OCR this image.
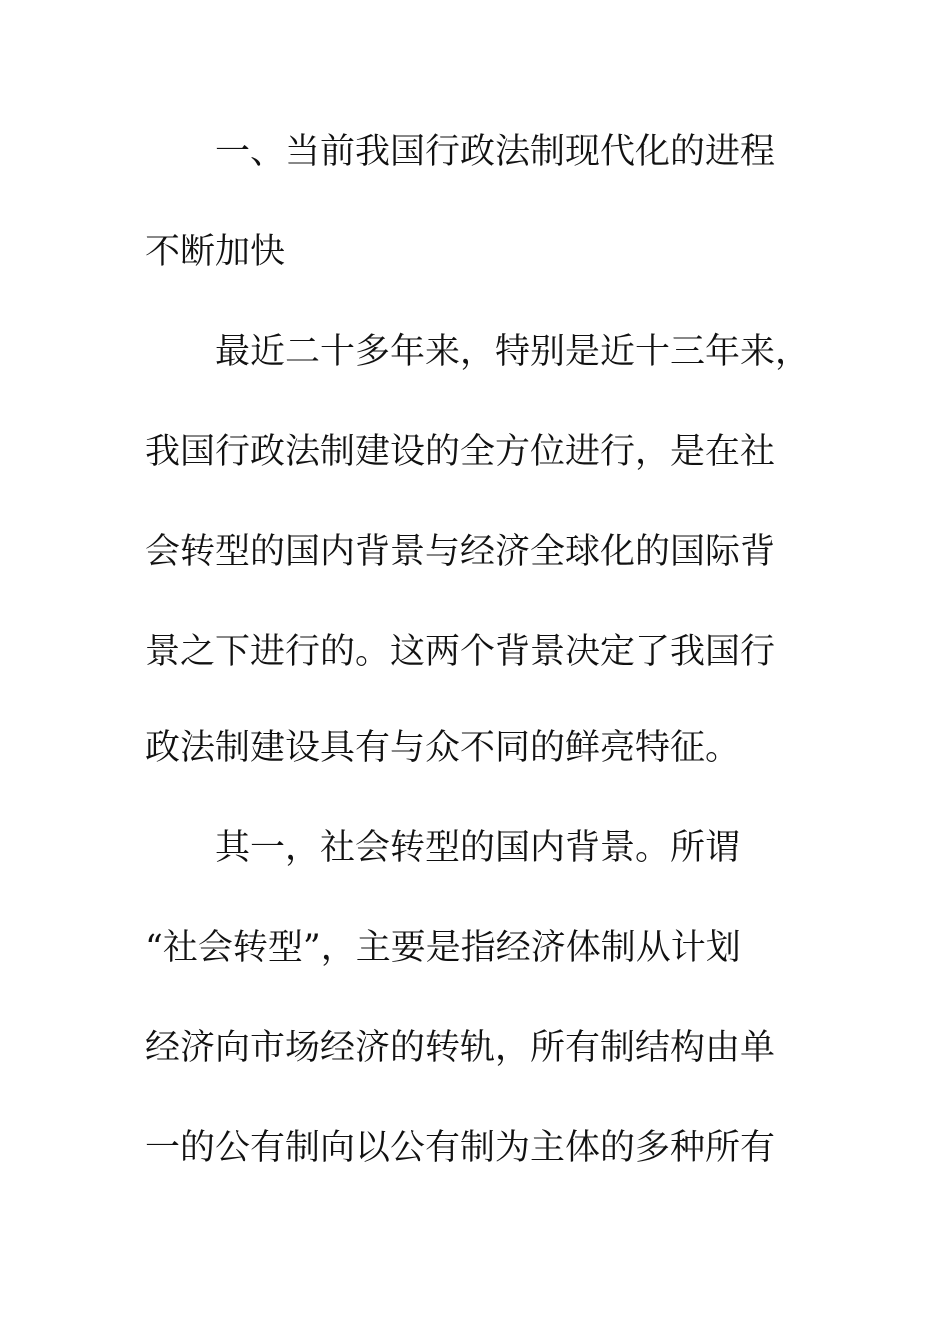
一、当前我国行政法制现代化的进程
不断加快
最近二十多年来，特别是近十三年来，
我国行政法制建设的全方位进行，是在社
会转型的国内背景与经济全球化的国际背
景之下进行的。这两个背景决定了我国行
政法制建设具有与众不同的鲜亮特征。
其一，社会转型的国内背景。所谓
“社会转型”，主要是指经济体制从计划
经济向市场经济的转轨，所有制结构由单
一的公有制向以公有制为主体的多种所有
